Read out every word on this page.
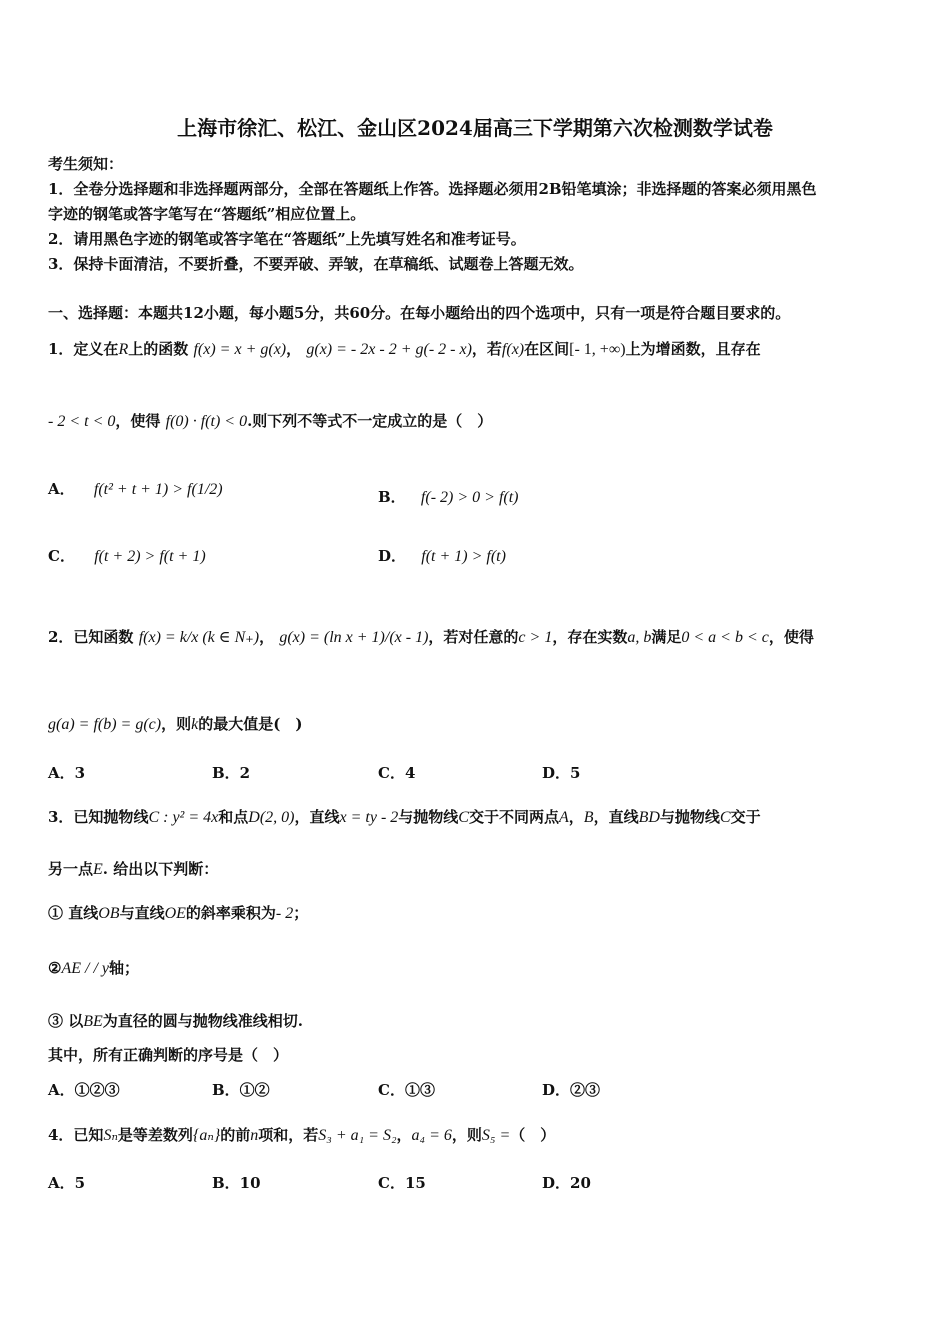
上海市徐汇、松江、金山区2024届高三下学期第六次检测数学试卷
考生须知：
1．全卷分选择题和非选择题两部分，全部在答题纸上作答。选择题必须用2B铅笔填涂；非选择题的答案必须用黑色
字迹的钢笔或答字笔写在“答题纸”相应位置上。
2．请用黑色字迹的钢笔或答字笔在“答题纸”上先填写姓名和准考证号。
3．保持卡面清洁，不要折叠，不要弄破、弄皱，在草稿纸、试题卷上答题无效。
一、选择题：本题共12小题，每小题5分，共60分。在每小题给出的四个选项中，只有一项是符合题目要求的。
1．定义在R上的函数 f(x) = x + g(x)， g(x) = - 2x - 2 + g(- 2 - x)，若f(x)在区间[- 1, +∞)上为增函数，且存在
- 2 < t < 0，使得 f(0) · f(t) < 0.则下列不等式不一定成立的是（　）
A． f(t² + t + 1) > f(1/2)	B． f(- 2) > 0 > f(t)
C． f(t + 2) > f(t + 1)	D． f(t + 1) > f(t)
2．已知函数 f(x) = k/x (k ∈ N₊)， g(x) = (ln x + 1)/(x - 1)，若对任意的c > 1，存在实数a, b满足0 < a < b < c，使得
g(a) = f(b) = g(c)，则k的最大值是(　)
A．3	B．2	C．4	D．5
3．已知抛物线C : y² = 4x和点D(2, 0)，直线x = ty - 2与抛物线C交于不同两点A，B，直线BD与抛物线C交于
另一点E. 给出以下判断：
① 直线OB与直线OE的斜率乘积为- 2；
②AE / / y轴；
③ 以BE为直径的圆与抛物线准线相切.
其中，所有正确判断的序号是（　）
A．①②③	B．①②	C．①③	D．②③
4．已知Sₙ是等差数列{aₙ}的前n项和，若S₃ + a₁ = S₂，a₄ = 6，则S₅ =（　）
A．5	B．10	C．15	D．20
